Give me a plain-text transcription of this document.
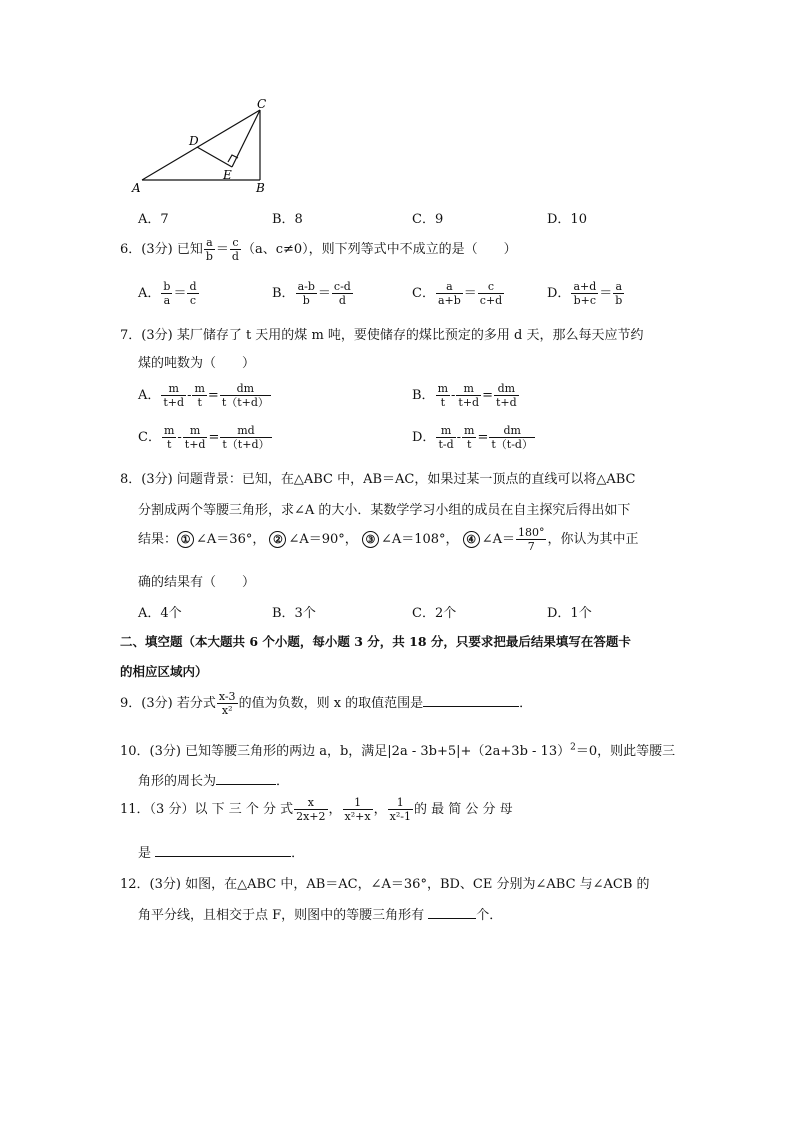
A	B
C
D
E
A．7	B．8	C．9	D．10
6．(3分) 已知 $\frac{a}{b} = \frac{c}{d} (a$、c≠0），则下列等式中不成立的是（　　）
A． $\frac{b}{a} = \frac{d}{c}$	B． $\frac{a-b}{b} = \frac{c-d}{d}$	C． $\frac{a}{a+b} = \frac{c}{c+d}$	D． $\frac{a+d}{b+c} = \frac{a}{b}$
7．(3分) 某厂储存了 t 天用的煤 m 吨，要使储存的煤比预定的多用 d 天，那么每天应节约
煤的吨数为（　　）
A． $\frac{m}{t+d} - \frac{m}{t} = \frac{dm}{t(t+d)}$	B． $\frac{m}{t} - \frac{m}{t+d} = \frac{dm}{t+d}$
C． $\frac{m}{t} - \frac{m}{t+d} = \frac{md}{t(t+d)}$	D． $\frac{m}{t-d} - \frac{m}{t} = \frac{dm}{t(t-d)}$
8．(3分) 问题背景：已知，在△ABC 中，AB＝AC，如果过某一顶点的直线可以将△ABC
分割成两个等腰三角形，求∠A 的大小．某数学学习小组的成员在自主探究后得出如下
结果： ① ∠A＝36°， ② ∠A＝90°， ③ ∠A＝108°， ④ ∠A＝ $\frac{180^\circ}{7}$ ，你认为其中正
确的结果有（　　）
A．4个	B．3个	C．2个	D．1个
二、填空题（本大题共 6 个小题，每小题 3 分，共 18 分，只要求把最后结果填写在答题卡
的相应区域内）
9．(3分) 若分式 $\frac{x-3}{\text{x²}}$ 的值为负数，则 x 的取值范围是	．
10．(3分) 已知等腰三角形的两边 a，b，满足$|2a - 3b+5|+(2a+3b - 13)^2=0$，则此等腰三
角形的周长为	．
11．（3 分）以 下 三 个 分 式 $\frac{x}{2x+2}$ ， $\frac{1}{\text{x²+x}}$ ， $\frac{1}{\text{x²-1}}$ 的 最 简 公 分 母
是	．
12．(3分) 如图，在△ABC 中，AB＝AC，∠A＝36°，BD、CE 分别为∠ABC 与∠ACB 的
角平分线，且相交于点 F，则图中的等腰三角形有	个．
